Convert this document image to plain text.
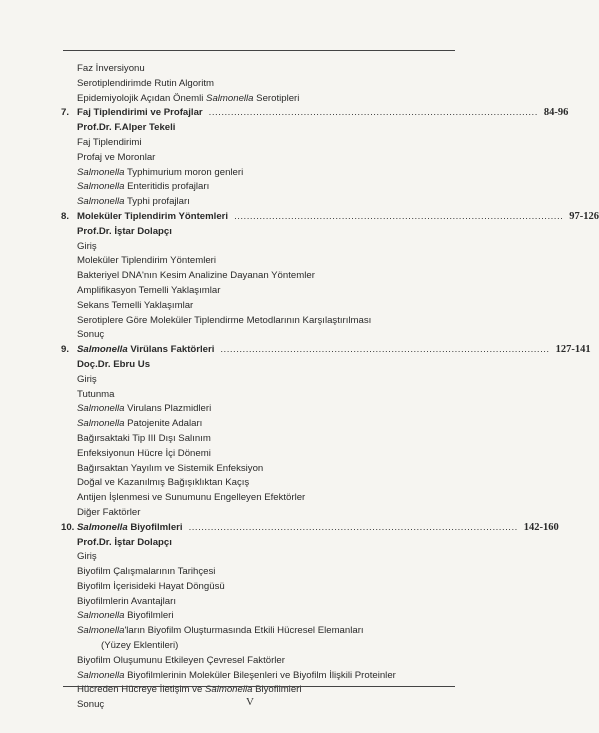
Faz İnversiyonu
Serotiplendirimde Rutin Algoritm
Epidemiyolojik Açıdan Önemli Salmonella Serotipleri
7. Faj Tiplendirimi ve Profajlar ........................................................................................................ 84-96
Prof.Dr. F.Alper Tekeli
Faj Tiplendirimi
Profaj ve Moronlar
Salmonella Typhimurium moron genleri
Salmonella Enteritidis profajları
Salmonella Typhi profajları
8. Moleküler Tiplendirim Yöntemleri ........................................................................................................ 97-126
Prof.Dr. İştar Dolapçı
Giriş
Moleküler Tiplendirim Yöntemleri
Bakteriyel DNA'nın Kesim Analizine Dayanan Yöntemler
Amplifikasyon Temelli Yaklaşımlar
Sekans Temelli Yaklaşımlar
Serotiplere Göre Moleküler Tiplendirme Metodlarının Karşılaştırılması
Sonuç
9. Salmonella Virülans Faktörleri ........................................................................................................ 127-141
Doç.Dr. Ebru Us
Giriş
Tutunma
Salmonella Virulans Plazmidleri
Salmonella Patojenite Adaları
Bağırsaktaki Tip III Dışı Salınım
Enfeksiyonun Hücre İçi Dönemi
Bağırsaktan Yayılım ve Sistemik Enfeksiyon
Doğal ve Kazanılmış Bağışıklıktan Kaçış
Antijen İşlenmesi ve Sunumunu Engelleyen Efektörler
Diğer Faktörler
10. Salmonella Biyofilmleri ........................................................................................................ 142-160
Prof.Dr. İştar Dolapçı
Giriş
Biyofilm Çalışmalarının Tarihçesi
Biyofilm İçerisideki Hayat Döngüsü
Biyofilmlerin Avantajları
Salmonella Biyofilmleri
Salmonella'ların Biyofilm Oluşturmasında Etkili Hücresel Elemanları
(Yüzey Eklentileri)
Biyofilm Oluşumunu Etkileyen Çevresel Faktörler
Salmonella Biyofilmlerinin Moleküler Bileşenleri ve Biyofilm İlişkili Proteinler
Hücreden Hücreye İletişim ve Salmonella Biyofilmleri
Sonuç	V
